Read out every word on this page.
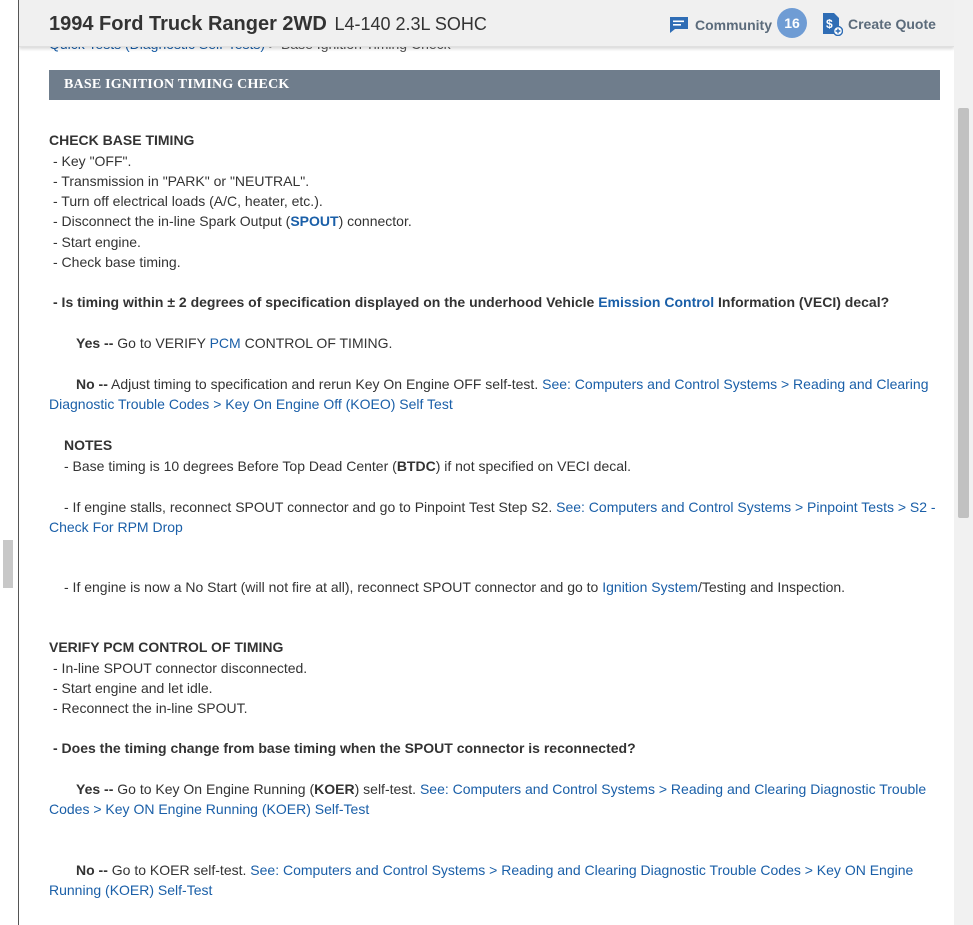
1994 Ford Truck Ranger 2WD L4-140 2.3L SOHC	Community 16	$ Create Quote
BASE IGNITION TIMING CHECK
CHECK BASE TIMING
- Key "OFF".
- Transmission in "PARK" or "NEUTRAL".
- Turn off electrical loads (A/C, heater, etc.).
- Disconnect the in-line Spark Output (SPOUT) connector.
- Start engine.
- Check base timing.
- Is timing within ± 2 degrees of specification displayed on the underhood Vehicle Emission Control Information (VECI) decal?
Yes -- Go to VERIFY PCM CONTROL OF TIMING.
No -- Adjust timing to specification and rerun Key On Engine OFF self-test. See: Computers and Control Systems > Reading and Clearing Diagnostic Trouble Codes > Key On Engine Off (KOEO) Self Test
NOTES
- Base timing is 10 degrees Before Top Dead Center (BTDC) if not specified on VECI decal.
- If engine stalls, reconnect SPOUT connector and go to Pinpoint Test Step S2. See: Computers and Control Systems > Pinpoint Tests > S2 - Check For RPM Drop
- If engine is now a No Start (will not fire at all), reconnect SPOUT connector and go to Ignition System/Testing and Inspection.
VERIFY PCM CONTROL OF TIMING
- In-line SPOUT connector disconnected.
- Start engine and let idle.
- Reconnect the in-line SPOUT.
- Does the timing change from base timing when the SPOUT connector is reconnected?
Yes -- Go to Key On Engine Running (KOER) self-test. See: Computers and Control Systems > Reading and Clearing Diagnostic Trouble Codes > Key ON Engine Running (KOER) Self-Test
No -- Go to KOER self-test. See: Computers and Control Systems > Reading and Clearing Diagnostic Trouble Codes > Key ON Engine Running (KOER) Self-Test
